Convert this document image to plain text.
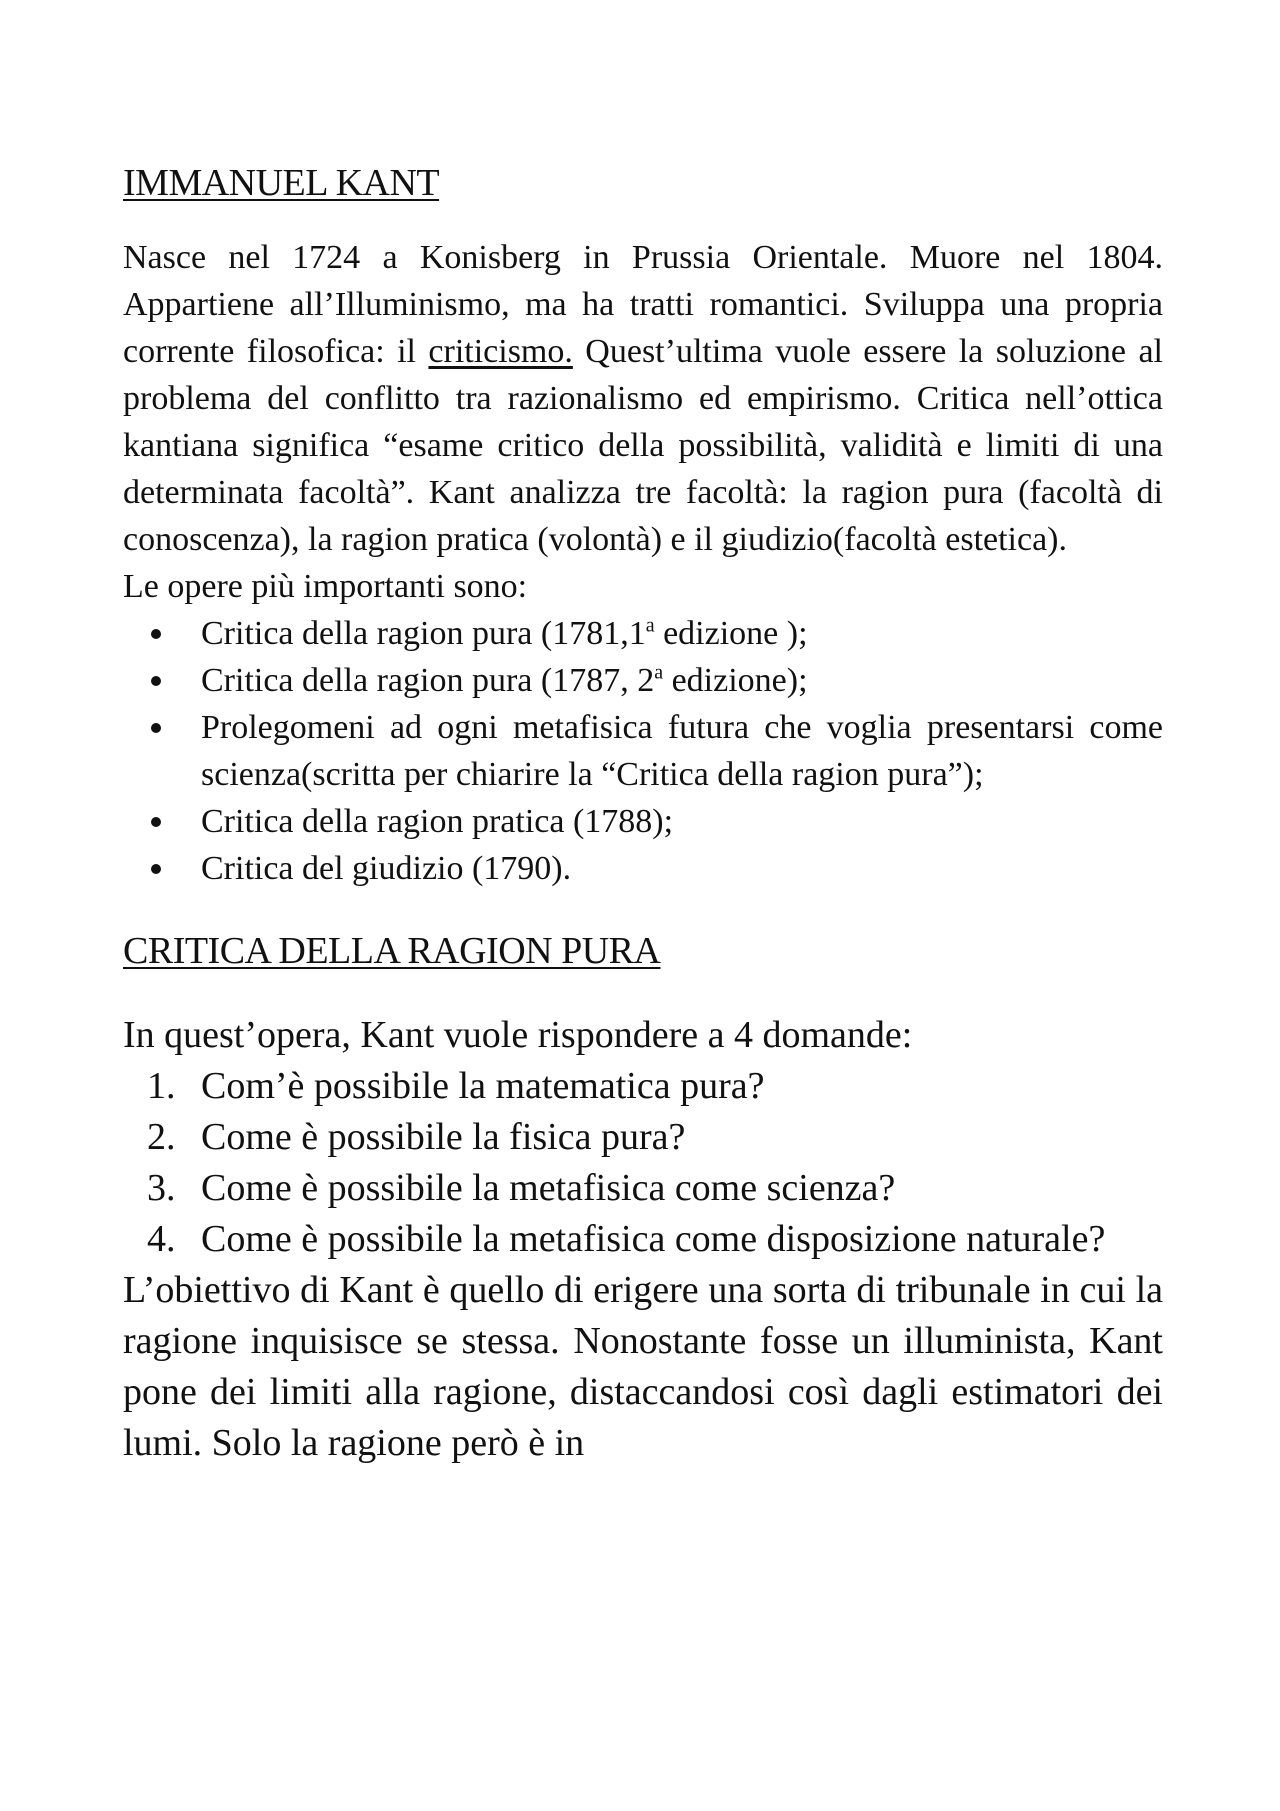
IMMANUEL KANT

Nasce nel 1724 a Konisberg in Prussia Orientale. Muore nel 1804. Appartiene all’Illuminismo, ma ha tratti romantici. Sviluppa una propria corrente filosofica: il criticismo. Quest’ultima vuole essere la soluzione al problema del conflitto tra razionalismo ed empirismo. Critica nell’ottica kantiana significa “esame critico della possibilità, validità e limiti di una determinata facoltà”. Kant analizza tre facoltà: la ragion pura (facoltà di conoscenza), la ragion pratica (volontà) e il giudizio(facoltà estetica).

Le opere più importanti sono:

Critica della ragion pura (1781,1$^a$ edizione );
Critica della ragion pura (1787, 2$^a$ edizione);
Prolegomeni ad ogni metafisica futura che voglia presentarsi come scienza(scritta per chiarire la “Critica della ragion pura”);
Critica della ragion pratica (1788);
Critica del giudizio (1790).
CRITICA DELLA RAGION PURA

In quest’opera, Kant vuole rispondere a 4 domande:

1. Com’è possibile la matematica pura?
2. Come è possibile la fisica pura?
3. Come è possibile la metafisica come scienza?
4. Come è possibile la metafisica come disposizione naturale?

L’obiettivo di Kant è quello di erigere una sorta di tribunale in cui la ragione inquisisce se stessa. Nonostante fosse un illuminista, Kant pone dei limiti alla ragione, distaccandosi così dagli estimatori dei lumi. Solo la ragione però è in
